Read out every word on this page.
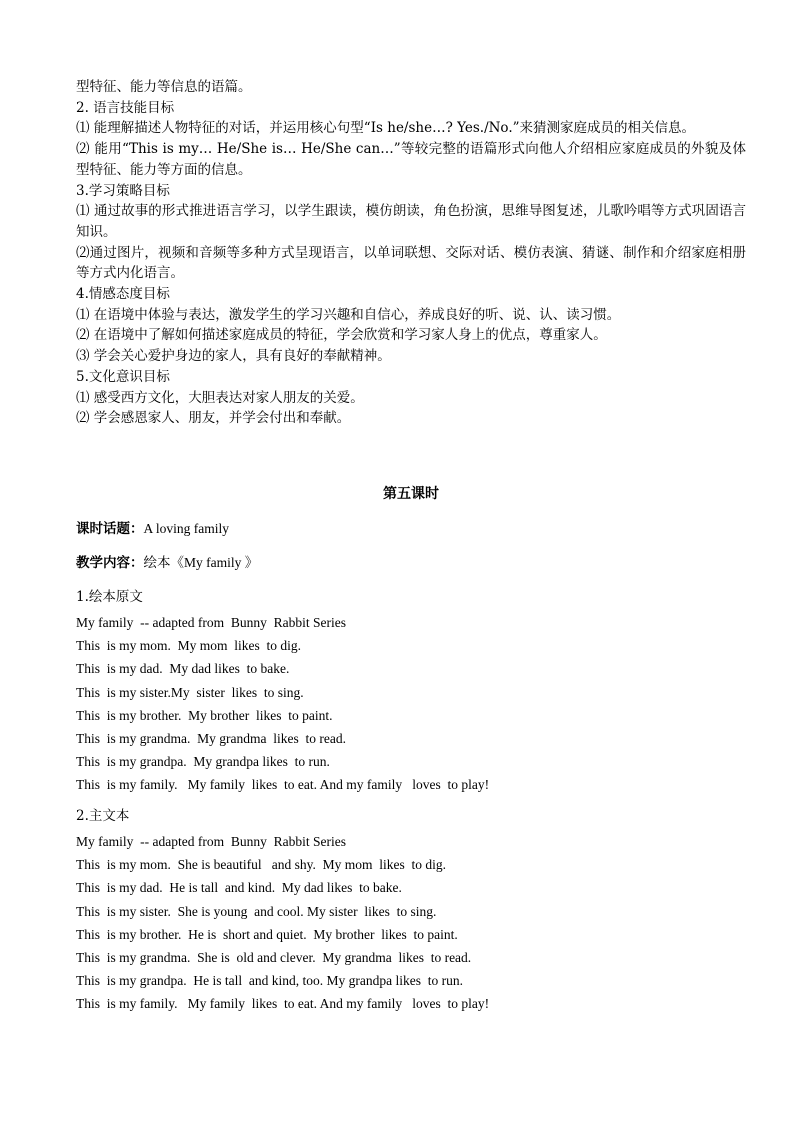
型特征、能力等信息的语篇。

2. 语言技能目标

⑴ 能理解描述人物特征的对话，并运用核心句型“Is he/she…? Yes./No.”来猜测家庭成员的相关信息。

⑵ 能用“This is my… He/She is… He/She can…”等较完整的语篇形式向他人介绍相应家庭成员的外貌及体型特征、能力等方面的信息。

3.学习策略目标

⑴ 通过故事的形式推进语言学习，以学生跟读，模仿朗读，角色扮演，思维导图复述，儿歌吟唱等方式巩固语言知识。

⑵通过图片，视频和音频等多种方式呈现语言，以单词联想、交际对话、模仿表演、猜谜、制作和介绍家庭相册等方式内化语言。

4.情感态度目标

⑴ 在语境中体验与表达，激发学生的学习兴趣和自信心，养成良好的听、说、认、读习惯。

⑵ 在语境中了解如何描述家庭成员的特征，学会欣赏和学习家人身上的优点，尊重家人。

⑶ 学会关心爱护身边的家人，具有良好的奉献精神。

5.文化意识目标

⑴ 感受西方文化，大胆表达对家人朋友的关爱。

⑵ 学会感恩家人、朋友，并学会付出和奉献。

第五课时

课时话题：A loving family

教学内容：绘本《My family 》

1.绘本原文

My family  -- adapted from  Bunny  Rabbit Series

This  is my mom.  My mom  likes  to dig.

This  is my dad.  My dad likes  to bake.

This  is my sister.My  sister  likes  to sing.

This  is my brother.  My brother  likes  to paint.

This  is my grandma.  My grandma  likes  to read.

This  is my grandpa.  My grandpa likes  to run.

This  is my family.   My family  likes  to eat. And my family   loves  to play!

2.主文本

My family  -- adapted from  Bunny  Rabbit Series

This  is my mom.  She is beautiful   and shy.  My mom  likes  to dig.

This  is my dad.  He is tall  and kind.  My dad likes  to bake.

This  is my sister.  She is young  and cool. My sister  likes  to sing.

This  is my brother.  He is  short and quiet.  My brother  likes  to paint.

This  is my grandma.  She is  old and clever.  My grandma  likes  to read.

This  is my grandpa.  He is tall  and kind, too. My grandpa likes  to run.

This  is my family.   My family  likes  to eat. And my family   loves  to play!
